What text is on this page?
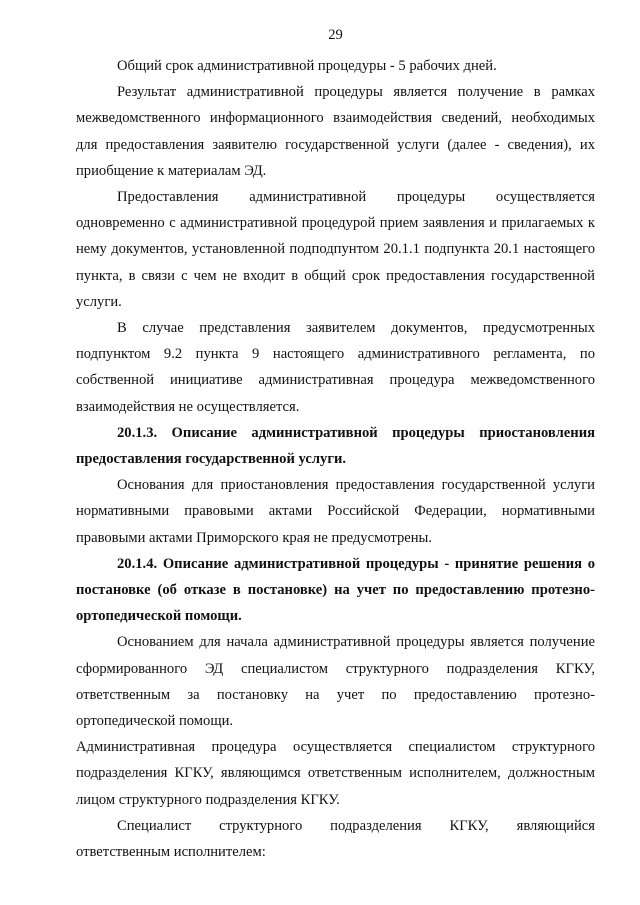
29

Общий срок административной процедуры - 5 рабочих дней.

Результат административной процедуры является получение в рамках межведомственного информационного взаимодействия сведений, необходимых для предоставления заявителю государственной услуги (далее - сведения), их приобщение к материалам ЭД.

Предоставления административной процедуры осуществляется одновременно с административной процедурой прием заявления и прилагаемых к нему документов, установленной подподпунтом 20.1.1 подпункта 20.1 настоящего пункта, в связи с чем не входит в общий срок предоставления государственной услуги.

В случае представления заявителем документов, предусмотренных подпунктом 9.2 пункта 9 настоящего административного регламента, по собственной инициативе административная процедура межведомственного взаимодействия не осуществляется.

20.1.3. Описание административной процедуры приостановления предоставления государственной услуги.

Основания для приостановления предоставления государственной услуги нормативными правовыми актами Российской Федерации, нормативными правовыми актами Приморского края не предусмотрены.

20.1.4. Описание административной процедуры - принятие решения о постановке (об отказе в постановке) на учет по предоставлению протезно-ортопедической помощи.

Основанием для начала административной процедуры является получение сформированного ЭД специалистом структурного подразделения КГКУ, ответственным за постановку на учет по предоставлению протезно-ортопедической помощи.

Административная процедура осуществляется специалистом структурного подразделения КГКУ, являющимся ответственным исполнителем, должностным лицом структурного подразделения КГКУ.

Специалист структурного подразделения КГКУ, являющийся ответственным исполнителем:
